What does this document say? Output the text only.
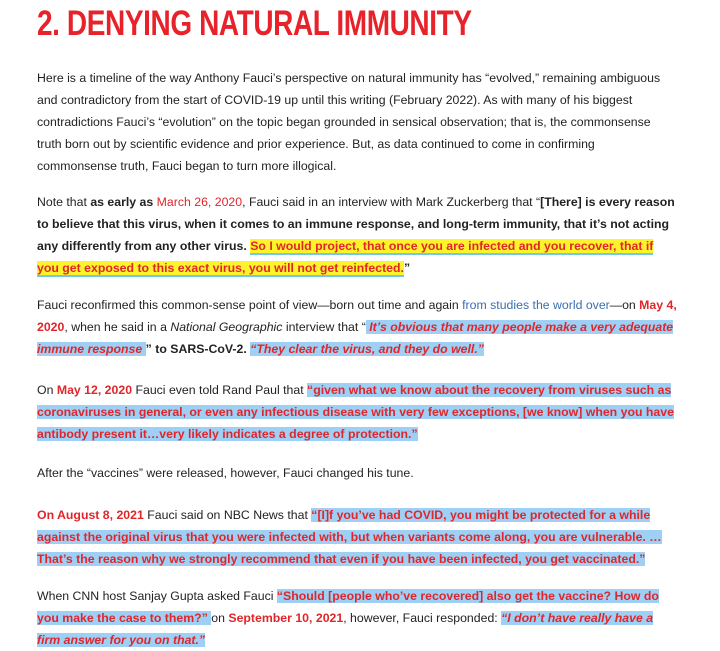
2. DENYING NATURAL IMMUNITY

Here is a timeline of the way Anthony Fauci’s perspective on natural immunity has “evolved,” remaining ambiguous and contradictory from the start of COVID-19 up until this writing (February 2022). As with many of his biggest contradictions Fauci’s “evolution” on the topic began grounded in sensical observation; that is, the commonsense truth born out by scientific evidence and prior experience. But, as data continued to come in confirming commonsense truth, Fauci began to turn more illogical.

Note that as early as March 26, 2020, Fauci said in an interview with Mark Zuckerberg that “[There] is every reason to believe that this virus, when it comes to an immune response, and long-term immunity, that it’s not acting any differently from any other virus. So I would project, that once you are infected and you recover, that if you get exposed to this exact virus, you will not get reinfected.”

Fauci reconfirmed this common-sense point of view—born out time and again from studies the world over—on May 4, 2020, when he said in a National Geographic interview that “ It’s obvious that many people make a very adequate immune response ” to SARS-CoV-2. “They clear the virus, and they do well.”

On May 12, 2020 Fauci even told Rand Paul that “given what we know about the recovery from viruses such as coronaviruses in general, or even any infectious disease with very few exceptions, [we know] when you have antibody present it…very likely indicates a degree of protection.”

After the “vaccines” were released, however, Fauci changed his tune.

On August 8, 2021 Fauci said on NBC News that “[I]f you’ve had COVID, you might be protected for a while against the original virus that you were infected with, but when variants come along, you are vulnerable. …That’s the reason why we strongly recommend that even if you have been infected, you get vaccinated.”

When CNN host Sanjay Gupta asked Fauci “Should [people who’ve recovered] also get the vaccine? How do you make the case to them?” on September 10, 2021, however, Fauci responded: “I don’t have really have a firm answer for you on that.”
